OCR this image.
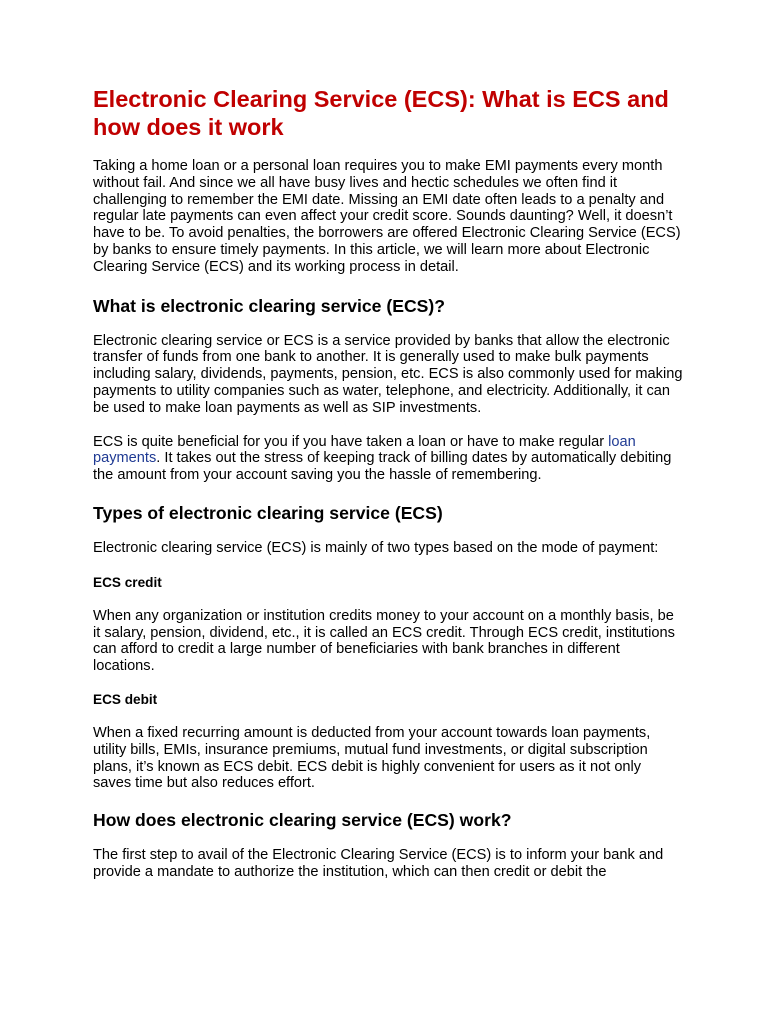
Electronic Clearing Service (ECS): What is ECS and how does it work

Taking a home loan or a personal loan requires you to make EMI payments every month without fail. And since we all have busy lives and hectic schedules we often find it challenging to remember the EMI date. Missing an EMI date often leads to a penalty and regular late payments can even affect your credit score. Sounds daunting? Well, it doesn’t have to be. To avoid penalties, the borrowers are offered Electronic Clearing Service (ECS) by banks to ensure timely payments. In this article, we will learn more about Electronic Clearing Service (ECS) and its working process in detail.

What is electronic clearing service (ECS)?

Electronic clearing service or ECS is a service provided by banks that allow the electronic transfer of funds from one bank to another. It is generally used to make bulk payments including salary, dividends, payments, pension, etc. ECS is also commonly used for making payments to utility companies such as water, telephone, and electricity. Additionally, it can be used to make loan payments as well as SIP investments.

ECS is quite beneficial for you if you have taken a loan or have to make regular loan payments. It takes out the stress of keeping track of billing dates by automatically debiting the amount from your account saving you the hassle of remembering.

Types of electronic clearing service (ECS)

Electronic clearing service (ECS) is mainly of two types based on the mode of payment:

ECS credit

When any organization or institution credits money to your account on a monthly basis, be it salary, pension, dividend, etc., it is called an ECS credit. Through ECS credit, institutions can afford to credit a large number of beneficiaries with bank branches in different locations.

ECS debit

When a fixed recurring amount is deducted from your account towards loan payments, utility bills, EMIs, insurance premiums, mutual fund investments, or digital subscription plans, it’s known as ECS debit. ECS debit is highly convenient for users as it not only saves time but also reduces effort.

How does electronic clearing service (ECS) work?

The first step to avail of the Electronic Clearing Service (ECS) is to inform your bank and provide a mandate to authorize the institution, which can then credit or debit the
